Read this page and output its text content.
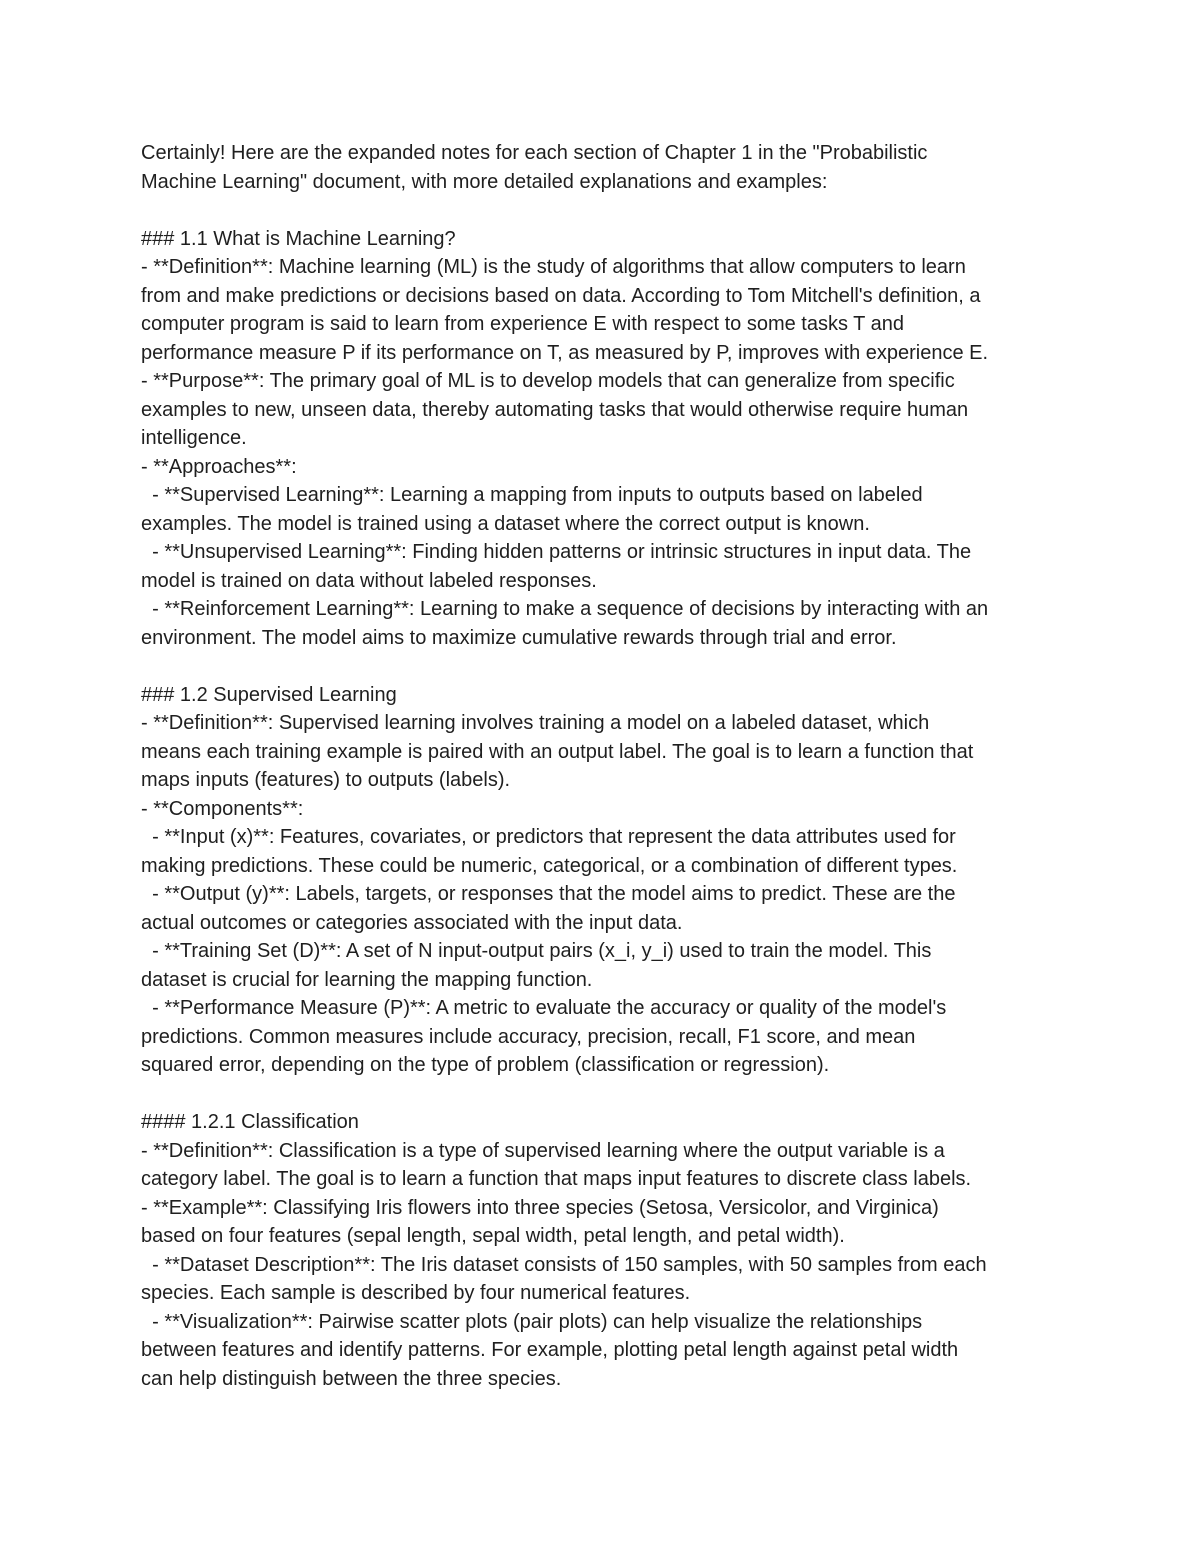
Certainly! Here are the expanded notes for each section of Chapter 1 in the "Probabilistic
Machine Learning" document, with more detailed explanations and examples:
### 1.1 What is Machine Learning?
- **Definition**: Machine learning (ML) is the study of algorithms that allow computers to learn
from and make predictions or decisions based on data. According to Tom Mitchell's definition, a
computer program is said to learn from experience E with respect to some tasks T and
performance measure P if its performance on T, as measured by P, improves with experience E.
- **Purpose**: The primary goal of ML is to develop models that can generalize from specific
examples to new, unseen data, thereby automating tasks that would otherwise require human
intelligence.
- **Approaches**:
- **Supervised Learning**: Learning a mapping from inputs to outputs based on labeled
examples. The model is trained using a dataset where the correct output is known.
- **Unsupervised Learning**: Finding hidden patterns or intrinsic structures in input data. The
model is trained on data without labeled responses.
- **Reinforcement Learning**: Learning to make a sequence of decisions by interacting with an
environment. The model aims to maximize cumulative rewards through trial and error.
### 1.2 Supervised Learning
- **Definition**: Supervised learning involves training a model on a labeled dataset, which
means each training example is paired with an output label. The goal is to learn a function that
maps inputs (features) to outputs (labels).
- **Components**:
- **Input (x)**: Features, covariates, or predictors that represent the data attributes used for
making predictions. These could be numeric, categorical, or a combination of different types.
- **Output (y)**: Labels, targets, or responses that the model aims to predict. These are the
actual outcomes or categories associated with the input data.
- **Training Set (D)**: A set of N input-output pairs (x_i, y_i) used to train the model. This
dataset is crucial for learning the mapping function.
- **Performance Measure (P)**: A metric to evaluate the accuracy or quality of the model's
predictions. Common measures include accuracy, precision, recall, F1 score, and mean
squared error, depending on the type of problem (classification or regression).
#### 1.2.1 Classification
- **Definition**: Classification is a type of supervised learning where the output variable is a
category label. The goal is to learn a function that maps input features to discrete class labels.
- **Example**: Classifying Iris flowers into three species (Setosa, Versicolor, and Virginica)
based on four features (sepal length, sepal width, petal length, and petal width).
- **Dataset Description**: The Iris dataset consists of 150 samples, with 50 samples from each
species. Each sample is described by four numerical features.
- **Visualization**: Pairwise scatter plots (pair plots) can help visualize the relationships
between features and identify patterns. For example, plotting petal length against petal width
can help distinguish between the three species.
